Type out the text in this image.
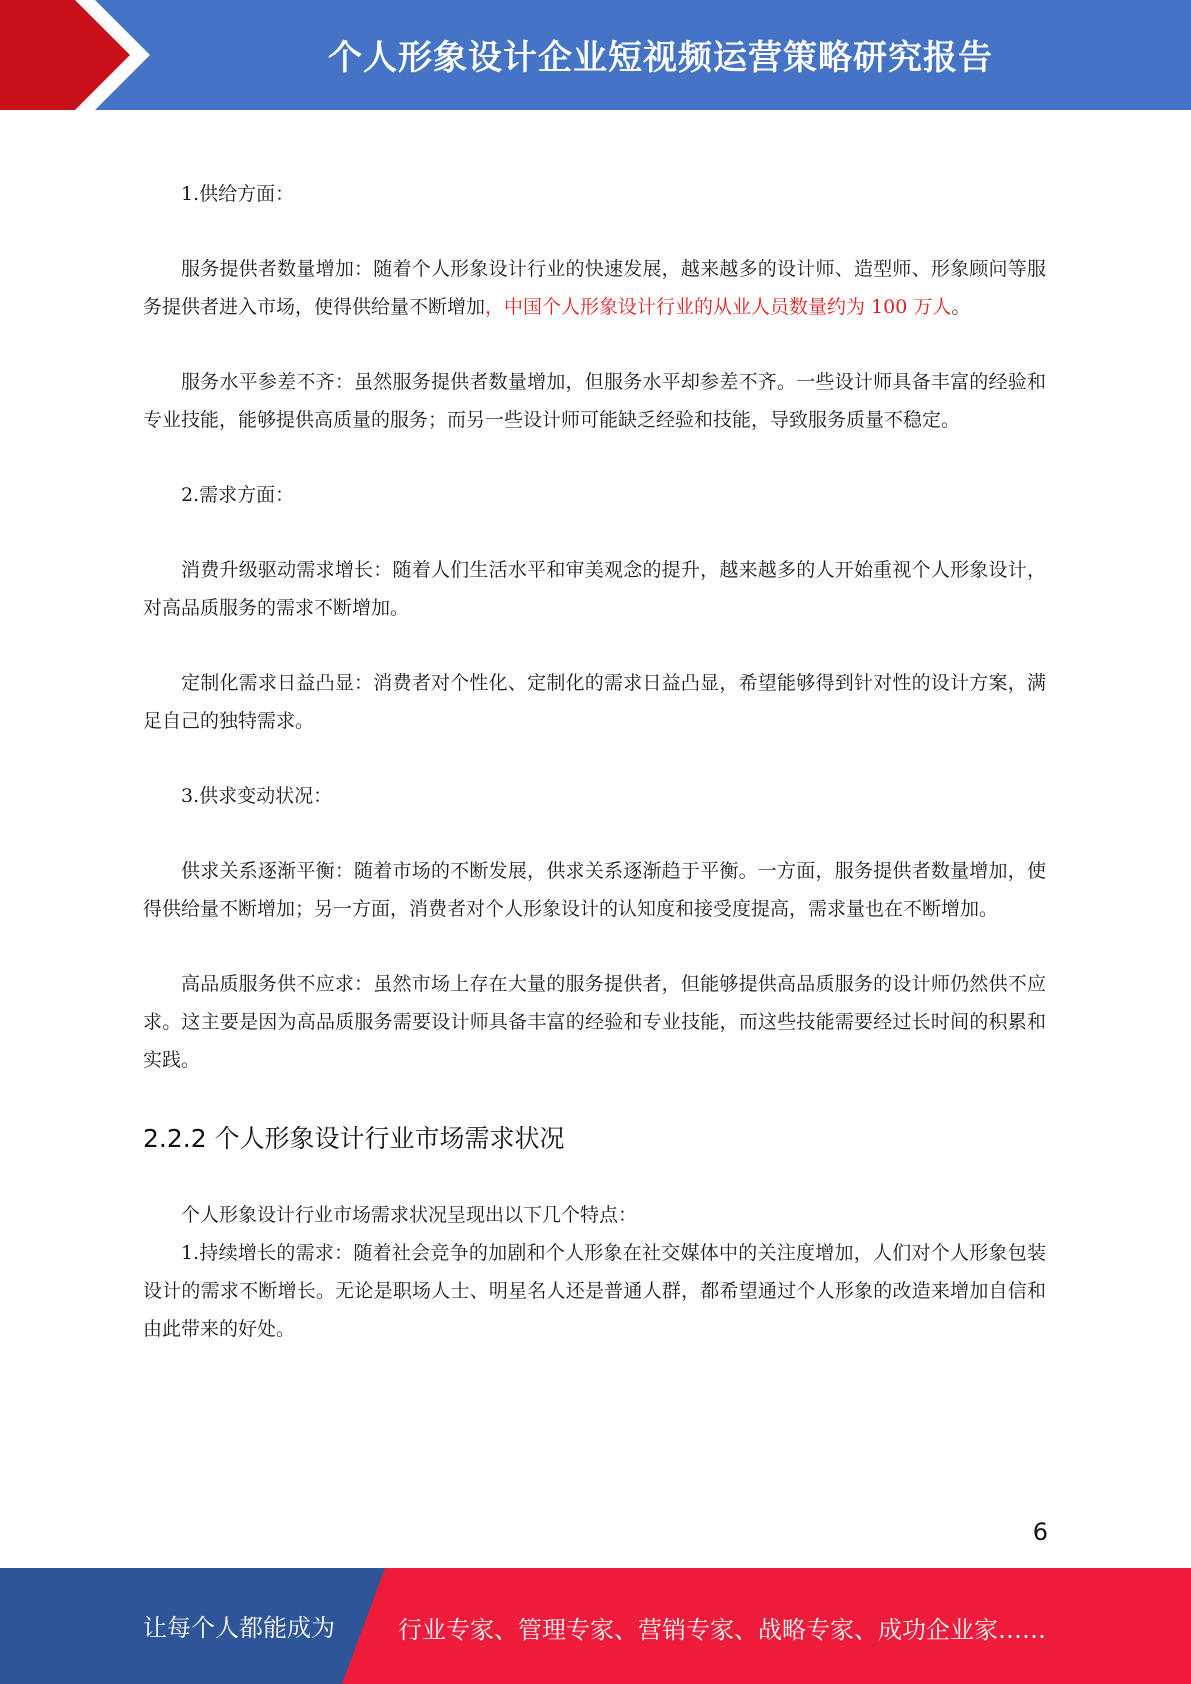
个人形象设计企业短视频运营策略研究报告

1.供给方面：

服务提供者数量增加：随着个人形象设计行业的快速发展，越来越多的设计师、造型师、形象顾问等服务提供者进入市场，使得供给量不断增加，中国个人形象设计行业的从业人员数量约为 100 万人。

服务水平参差不齐：虽然服务提供者数量增加，但服务水平却参差不齐。一些设计师具备丰富的经验和专业技能，能够提供高质量的服务；而另一些设计师可能缺乏经验和技能，导致服务质量不稳定。

2.需求方面：

消费升级驱动需求增长：随着人们生活水平和审美观念的提升，越来越多的人开始重视个人形象设计，对高品质服务的需求不断增加。

定制化需求日益凸显：消费者对个性化、定制化的需求日益凸显，希望能够得到针对性的设计方案，满足自己的独特需求。

3.供求变动状况：

供求关系逐渐平衡：随着市场的不断发展，供求关系逐渐趋于平衡。一方面，服务提供者数量增加，使得供给量不断增加；另一方面，消费者对个人形象设计的认知度和接受度提高，需求量也在不断增加。

高品质服务供不应求：虽然市场上存在大量的服务提供者，但能够提供高品质服务的设计师仍然供不应求。这主要是因为高品质服务需要设计师具备丰富的经验和专业技能，而这些技能需要经过长时间的积累和实践。

2.2.2 个人形象设计行业市场需求状况

个人形象设计行业市场需求状况呈现出以下几个特点：

1.持续增长的需求：随着社会竞争的加剧和个人形象在社交媒体中的关注度增加，人们对个人形象包装设计的需求不断增长。无论是职场人士、明星名人还是普通人群，都希望通过个人形象的改造来增加自信和由此带来的好处。

6
让每个人都能成为	行业专家、管理专家、营销专家、战略专家、成功企业家……
